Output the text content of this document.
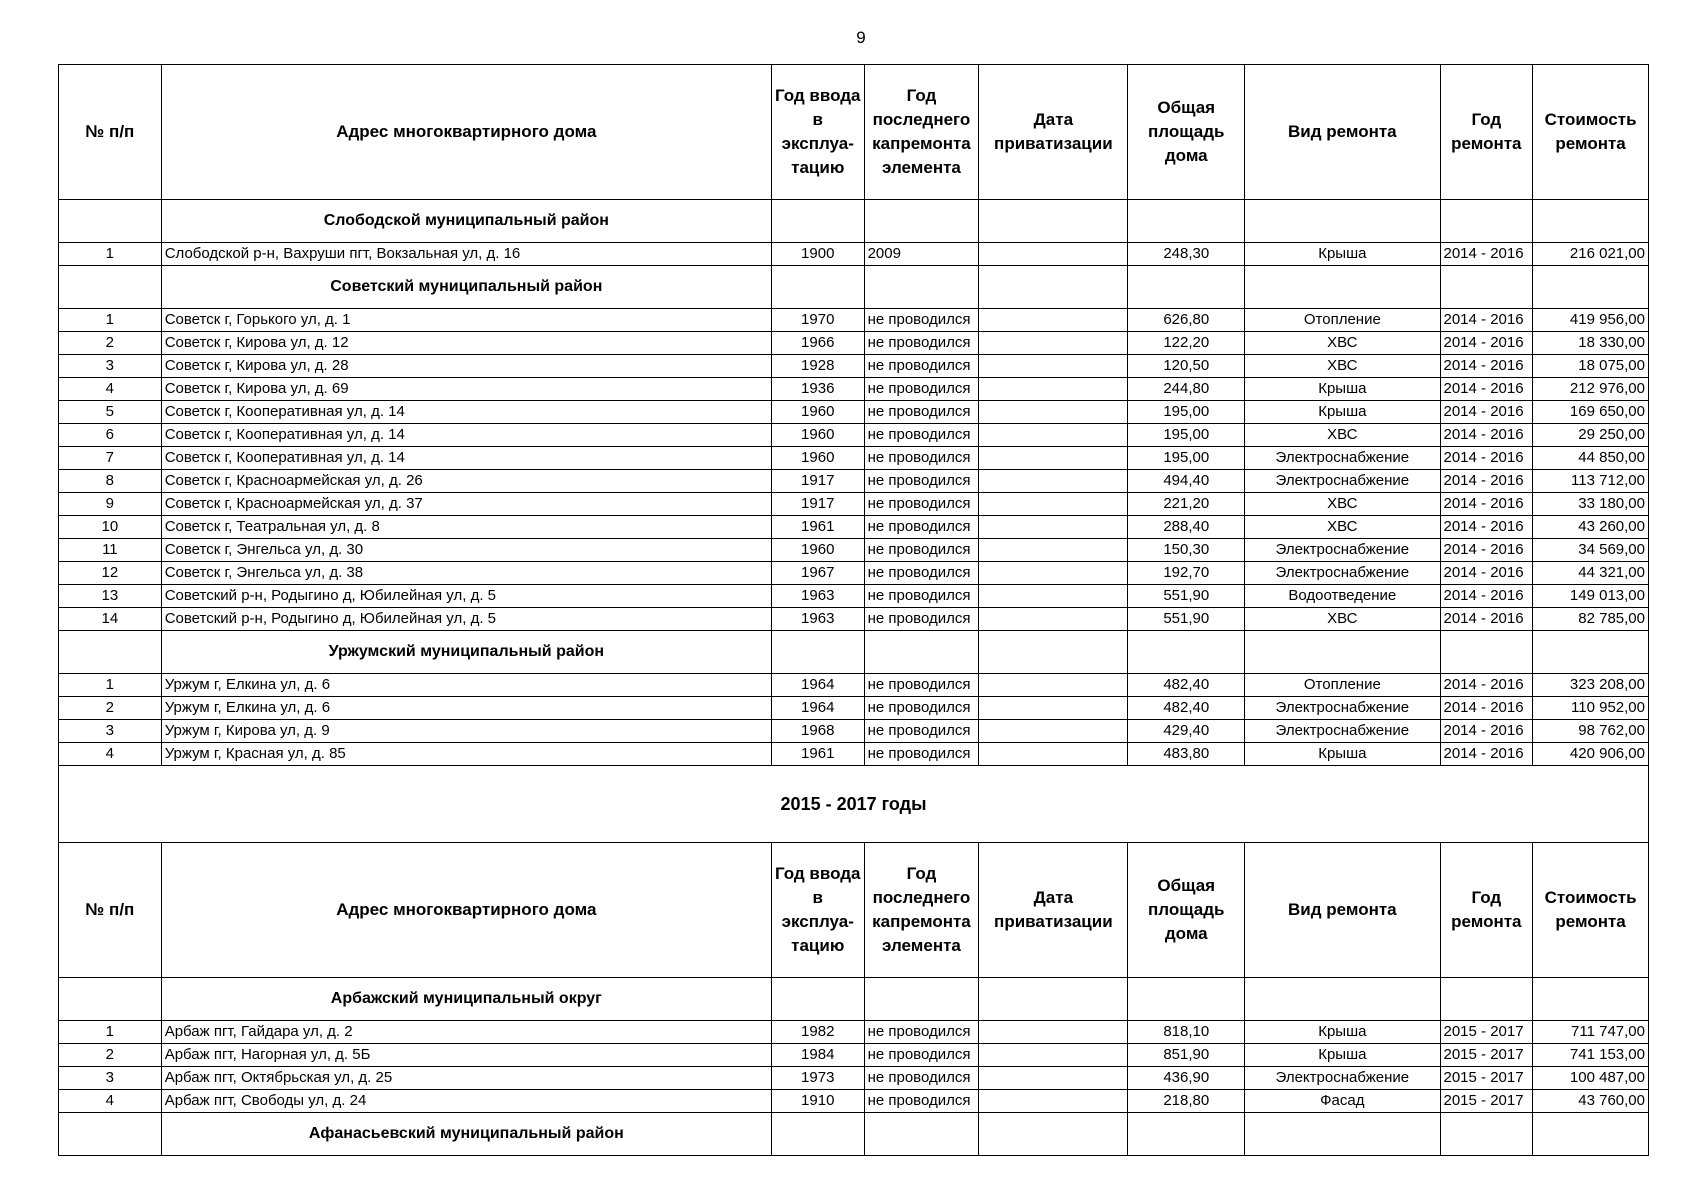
9
№ п/п	Адрес многоквартирного дома	Год ввода в эксплуа-тацию	Год последнего капремонта элемента	Дата приватизации	Общая площадь дома	Вид ремонта	Год ремонта	Стоимость ремонта
	Слободской муниципальный район							
1	Слободской р-н, Вахруши пгт, Вокзальная ул, д. 16	1900	2009		248,30	Крыша	2014 - 2016	216 021,00
	Советский муниципальный район							
1	Советск г, Горького ул, д. 1	1970	не проводился		626,80	Отопление	2014 - 2016	419 956,00
2	Советск г, Кирова ул, д. 12	1966	не проводился		122,20	ХВС	2014 - 2016	18 330,00
3	Советск г, Кирова ул, д. 28	1928	не проводился		120,50	ХВС	2014 - 2016	18 075,00
4	Советск г, Кирова ул, д. 69	1936	не проводился		244,80	Крыша	2014 - 2016	212 976,00
5	Советск г, Кооперативная ул, д. 14	1960	не проводился		195,00	Крыша	2014 - 2016	169 650,00
6	Советск г, Кооперативная ул, д. 14	1960	не проводился		195,00	ХВС	2014 - 2016	29 250,00
7	Советск г, Кооперативная ул, д. 14	1960	не проводился		195,00	Электроснабжение	2014 - 2016	44 850,00
8	Советск г, Красноармейская ул, д. 26	1917	не проводился		494,40	Электроснабжение	2014 - 2016	113 712,00
9	Советск г, Красноармейская ул, д. 37	1917	не проводился		221,20	ХВС	2014 - 2016	33 180,00
10	Советск г, Театральная ул, д. 8	1961	не проводился		288,40	ХВС	2014 - 2016	43 260,00
11	Советск г, Энгельса ул, д. 30	1960	не проводился		150,30	Электроснабжение	2014 - 2016	34 569,00
12	Советск г, Энгельса ул, д. 38	1967	не проводился		192,70	Электроснабжение	2014 - 2016	44 321,00
13	Советский р-н, Родыгино д, Юбилейная ул, д. 5	1963	не проводился		551,90	Водоотведение	2014 - 2016	149 013,00
14	Советский р-н, Родыгино д, Юбилейная ул, д. 5	1963	не проводился		551,90	ХВС	2014 - 2016	82 785,00
	Уржумский муниципальный район							
1	Уржум г, Елкина ул, д. 6	1964	не проводился		482,40	Отопление	2014 - 2016	323 208,00
2	Уржум г, Елкина ул, д. 6	1964	не проводился		482,40	Электроснабжение	2014 - 2016	110 952,00
3	Уржум г, Кирова ул, д. 9	1968	не проводился		429,40	Электроснабжение	2014 - 2016	98 762,00
4	Уржум г, Красная ул, д. 85	1961	не проводился		483,80	Крыша	2014 - 2016	420 906,00
2015 - 2017 годы								
№ п/п	Адрес многоквартирного дома	Год ввода в эксплуа-тацию	Год последнего капремонта элемента	Дата приватизации	Общая площадь дома	Вид ремонта	Год ремонта	Стоимость ремонта
	Арбажский муниципальный округ							
1	Арбаж пгт, Гайдара ул, д. 2	1982	не проводился		818,10	Крыша	2015 - 2017	711 747,00
2	Арбаж пгт, Нагорная ул, д. 5Б	1984	не проводился		851,90	Крыша	2015 - 2017	741 153,00
3	Арбаж пгт, Октябрьская ул, д. 25	1973	не проводился		436,90	Электроснабжение	2015 - 2017	100 487,00
4	Арбаж пгт, Свободы ул, д. 24	1910	не проводился		218,80	Фасад	2015 - 2017	43 760,00
	Афанасьевский муниципальный район							
